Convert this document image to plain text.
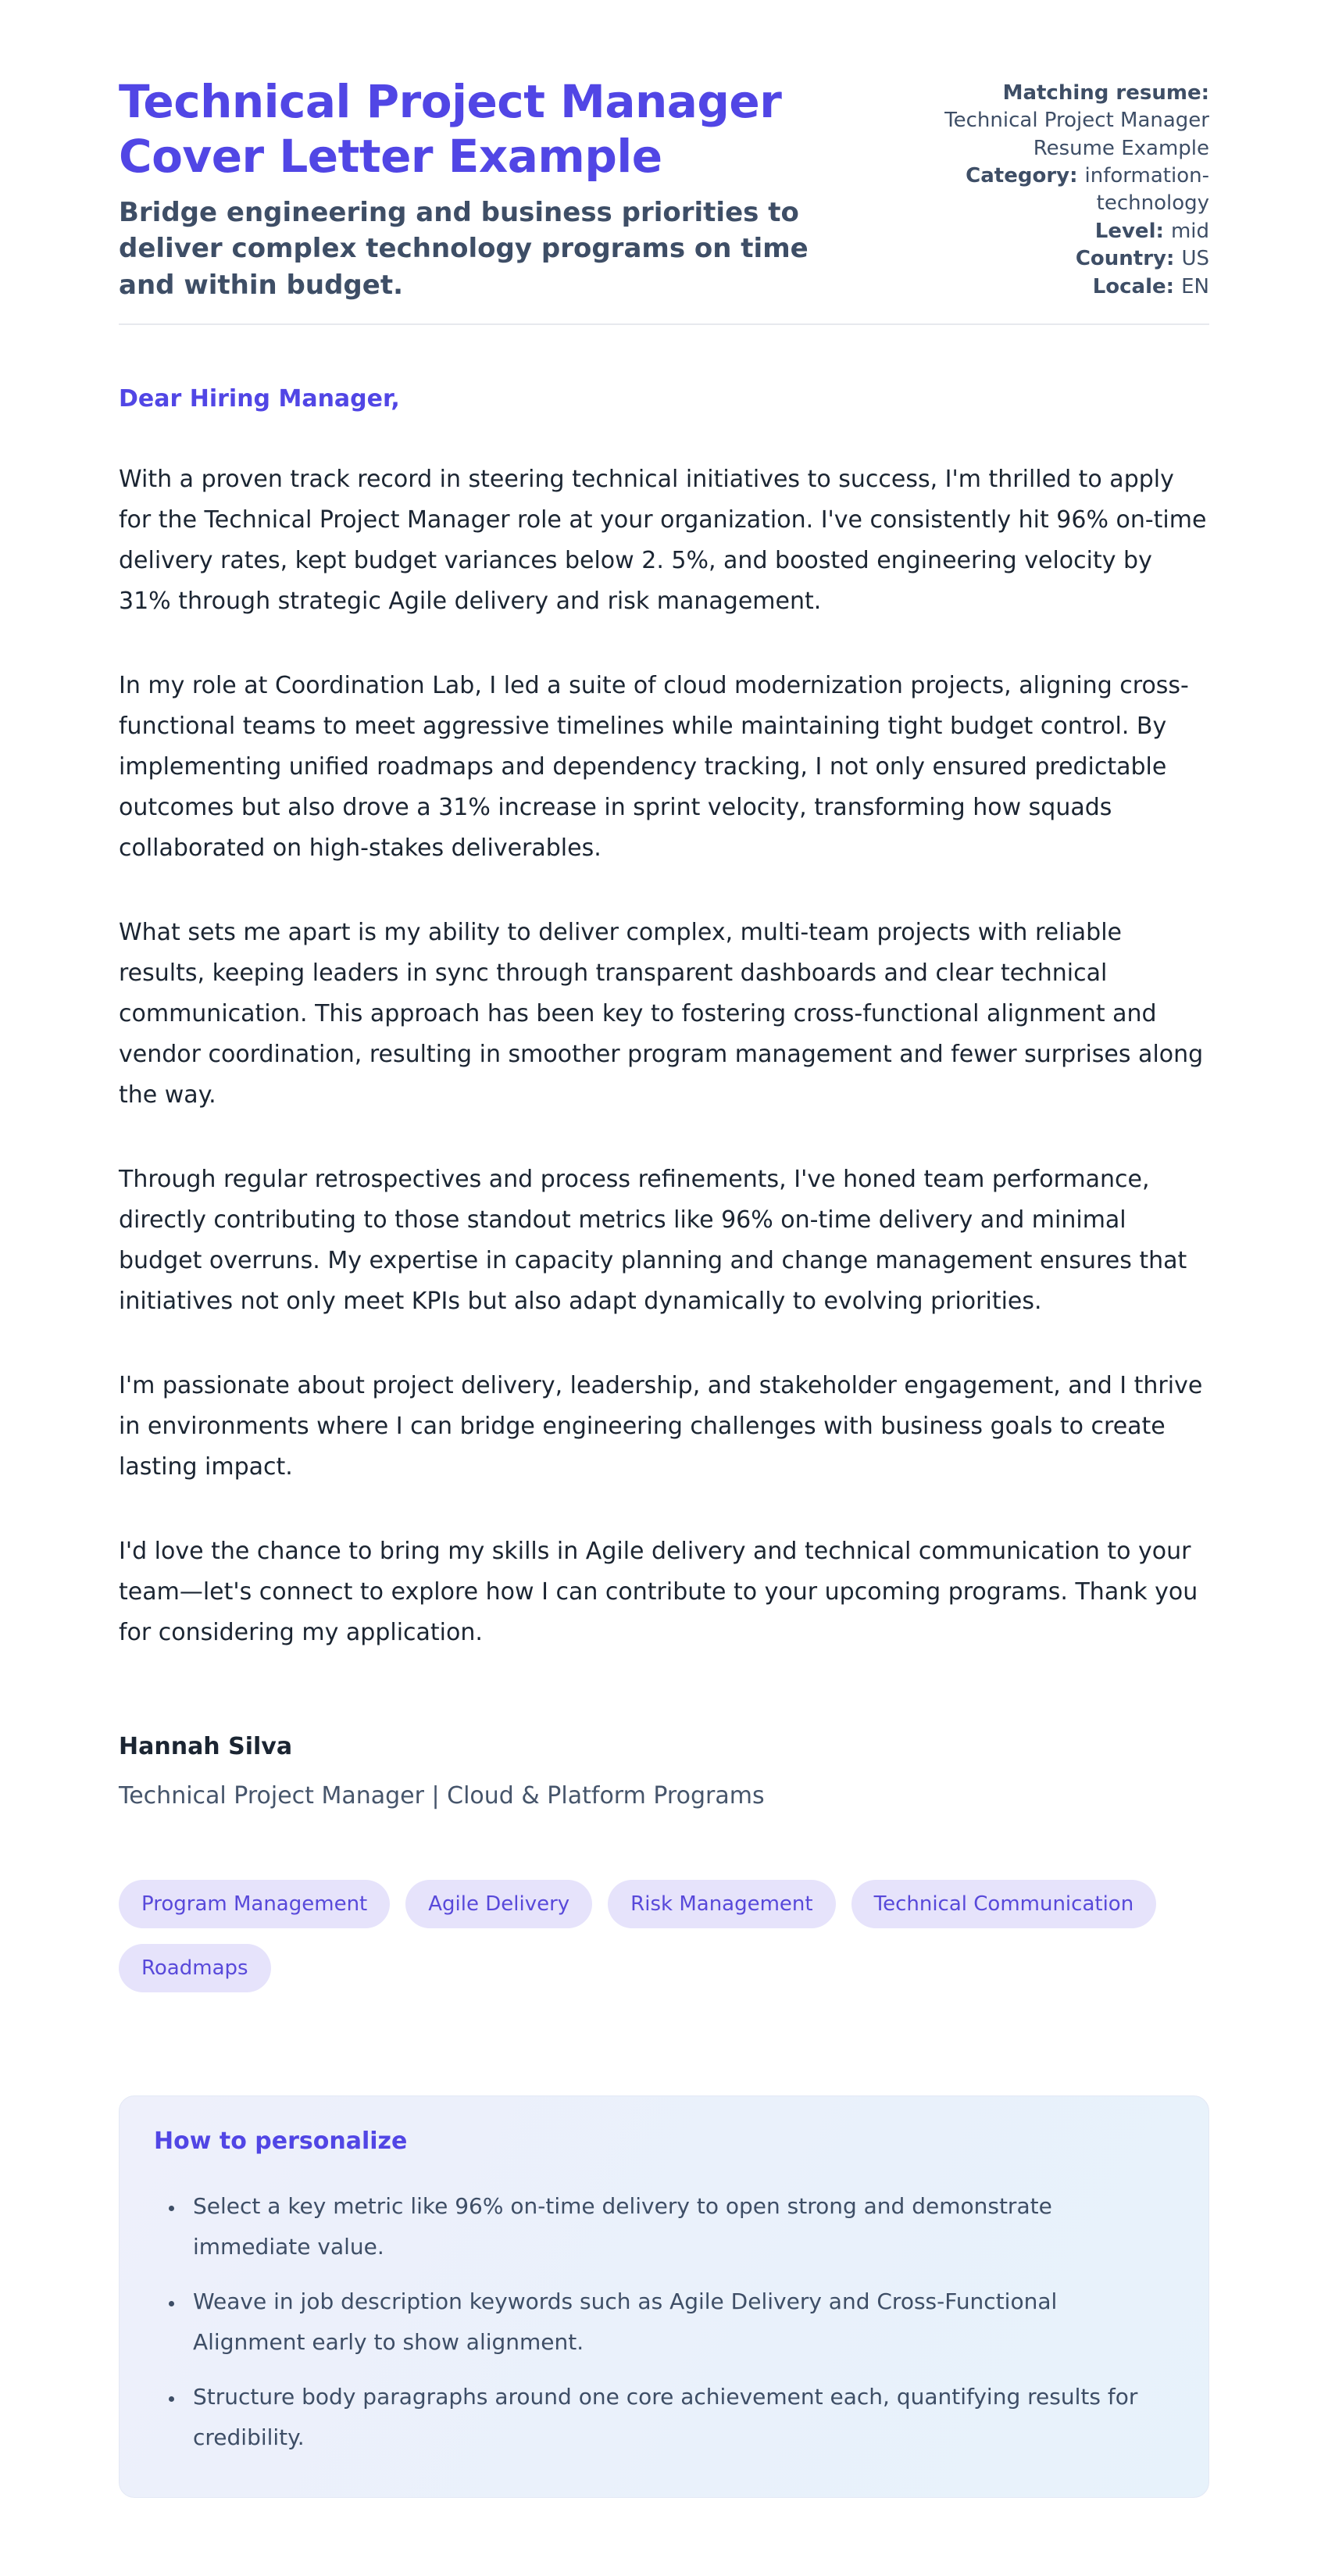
Technical Project Manager Cover Letter Example
Bridge engineering and business priorities to deliver complex technology programs on time and within budget.
Matching resume: Technical Project Manager Resume Example
Category: information-technology
Level: mid
Country: US
Locale: EN
Dear Hiring Manager,

With a proven track record in steering technical initiatives to success, I'm thrilled to apply for the Technical Project Manager role at your organization. I've consistently hit 96% on-time delivery rates, kept budget variances below 2. 5%, and boosted engineering velocity by 31% through strategic Agile delivery and risk management.

In my role at Coordination Lab, I led a suite of cloud modernization projects, aligning cross-functional teams to meet aggressive timelines while maintaining tight budget control. By implementing unified roadmaps and dependency tracking, I not only ensured predictable outcomes but also drove a 31% increase in sprint velocity, transforming how squads collaborated on high-stakes deliverables.

What sets me apart is my ability to deliver complex, multi-team projects with reliable results, keeping leaders in sync through transparent dashboards and clear technical communication. This approach has been key to fostering cross-functional alignment and vendor coordination, resulting in smoother program management and fewer surprises along the way.

Through regular retrospectives and process refinements, I've honed team performance, directly contributing to those standout metrics like 96% on-time delivery and minimal budget overruns. My expertise in capacity planning and change management ensures that initiatives not only meet KPIs but also adapt dynamically to evolving priorities.

I'm passionate about project delivery, leadership, and stakeholder engagement, and I thrive in environments where I can bridge engineering challenges with business goals to create lasting impact.

I'd love the chance to bring my skills in Agile delivery and technical communication to your team—let's connect to explore how I can contribute to your upcoming programs. Thank you for considering my application.

Hannah Silva
Technical Project Manager | Cloud & Platform Programs
Program Management	Agile Delivery	Risk Management	Technical Communication
Roadmaps
How to personalize
• Select a key metric like 96% on-time delivery to open strong and demonstrate immediate value.
• Weave in job description keywords such as Agile Delivery and Cross-Functional Alignment early to show alignment.
• Structure body paragraphs around one core achievement each, quantifying results for credibility.
